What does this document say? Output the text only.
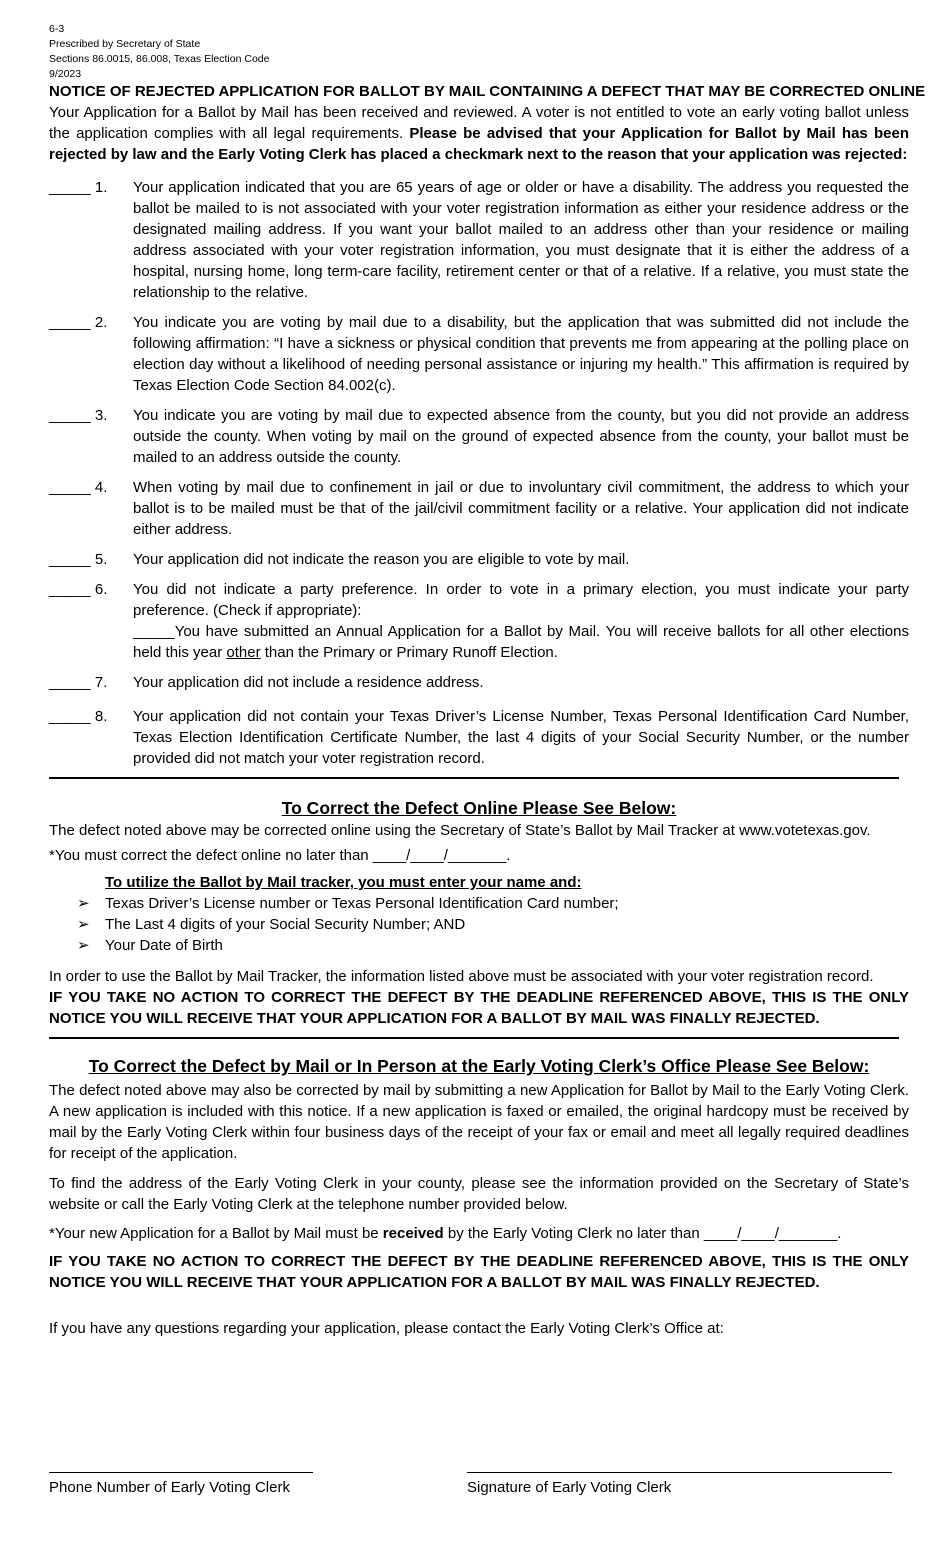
6-3
Prescribed by Secretary of State
Sections 86.0015, 86.008, Texas Election Code
9/2023
NOTICE OF REJECTED APPLICATION FOR BALLOT BY MAIL CONTAINING A DEFECT THAT MAY BE CORRECTED ONLINE

Your Application for a Ballot by Mail has been received and reviewed. A voter is not entitled to vote an early voting ballot unless the application complies with all legal requirements. Please be advised that your Application for Ballot by Mail has been rejected by law and the Early Voting Clerk has placed a checkmark next to the reason that your application was rejected:

_____ 1.	Your application indicated that you are 65 years of age or older or have a disability. The address you requested the ballot be mailed to is not associated with your voter registration information as either your residence address or the designated mailing address. If you want your ballot mailed to an address other than your residence or mailing address associated with your voter registration information, you must designate that it is either the address of a hospital, nursing home, long term-care facility, retirement center or that of a relative. If a relative, you must state the relationship to the relative.
_____ 2.	You indicate you are voting by mail due to a disability, but the application that was submitted did not include the following affirmation: “I have a sickness or physical condition that prevents me from appearing at the polling place on election day without a likelihood of needing personal assistance or injuring my health.” This affirmation is required by Texas Election Code Section 84.002(c).
_____ 3.	You indicate you are voting by mail due to expected absence from the county, but you did not provide an address outside the county. When voting by mail on the ground of expected absence from the county, your ballot must be mailed to an address outside the county.
_____ 4.	When voting by mail due to confinement in jail or due to involuntary civil commitment, the address to which your ballot is to be mailed must be that of the jail/civil commitment facility or a relative. Your application did not indicate either address.
_____ 5.	Your application did not indicate the reason you are eligible to vote by mail.
_____ 6.	You did not indicate a party preference. In order to vote in a primary election, you must indicate your party preference. (Check if appropriate):
_____You have submitted an Annual Application for a Ballot by Mail. You will receive ballots for all other elections held this year other than the Primary or Primary Runoff Election.
_____ 7.	Your application did not include a residence address.
_____ 8.	Your application did not contain your Texas Driver’s License Number, Texas Personal Identification Card Number, Texas Election Identification Certificate Number, the last 4 digits of your Social Security Number, or the number provided did not match your voter registration record.
To Correct the Defect Online Please See Below:

The defect noted above may be corrected online using the Secretary of State’s Ballot by Mail Tracker at www.votetexas.gov.

*You must correct the defect online no later than ____/____/_______.

To utilize the Ballot by Mail tracker, you must enter your name and:

➢	Texas Driver’s License number or Texas Personal Identification Card number;
➢	The Last 4 digits of your Social Security Number; AND
➢	Your Date of Birth

In order to use the Ballot by Mail Tracker, the information listed above must be associated with your voter registration record.

IF YOU TAKE NO ACTION TO CORRECT THE DEFECT BY THE DEADLINE REFERENCED ABOVE, THIS IS THE ONLY NOTICE YOU WILL RECEIVE THAT YOUR APPLICATION FOR A BALLOT BY MAIL WAS FINALLY REJECTED.

To Correct the Defect by Mail or In Person at the Early Voting Clerk’s Office Please See Below:

The defect noted above may also be corrected by mail by submitting a new Application for Ballot by Mail to the Early Voting Clerk. A new application is included with this notice. If a new application is faxed or emailed, the original hardcopy must be received by mail by the Early Voting Clerk within four business days of the receipt of your fax or email and meet all legally required deadlines for receipt of the application.

To find the address of the Early Voting Clerk in your county, please see the information provided on the Secretary of State’s website or call the Early Voting Clerk at the telephone number provided below.

*Your new Application for a Ballot by Mail must be received by the Early Voting Clerk no later than ____/____/_______.

IF YOU TAKE NO ACTION TO CORRECT THE DEFECT BY THE DEADLINE REFERENCED ABOVE, THIS IS THE ONLY NOTICE YOU WILL RECEIVE THAT YOUR APPLICATION FOR A BALLOT BY MAIL WAS FINALLY REJECTED.

If you have any questions regarding your application, please contact the Early Voting Clerk’s Office at:

Phone Number of Early Voting Clerk	Signature of Early Voting Clerk
